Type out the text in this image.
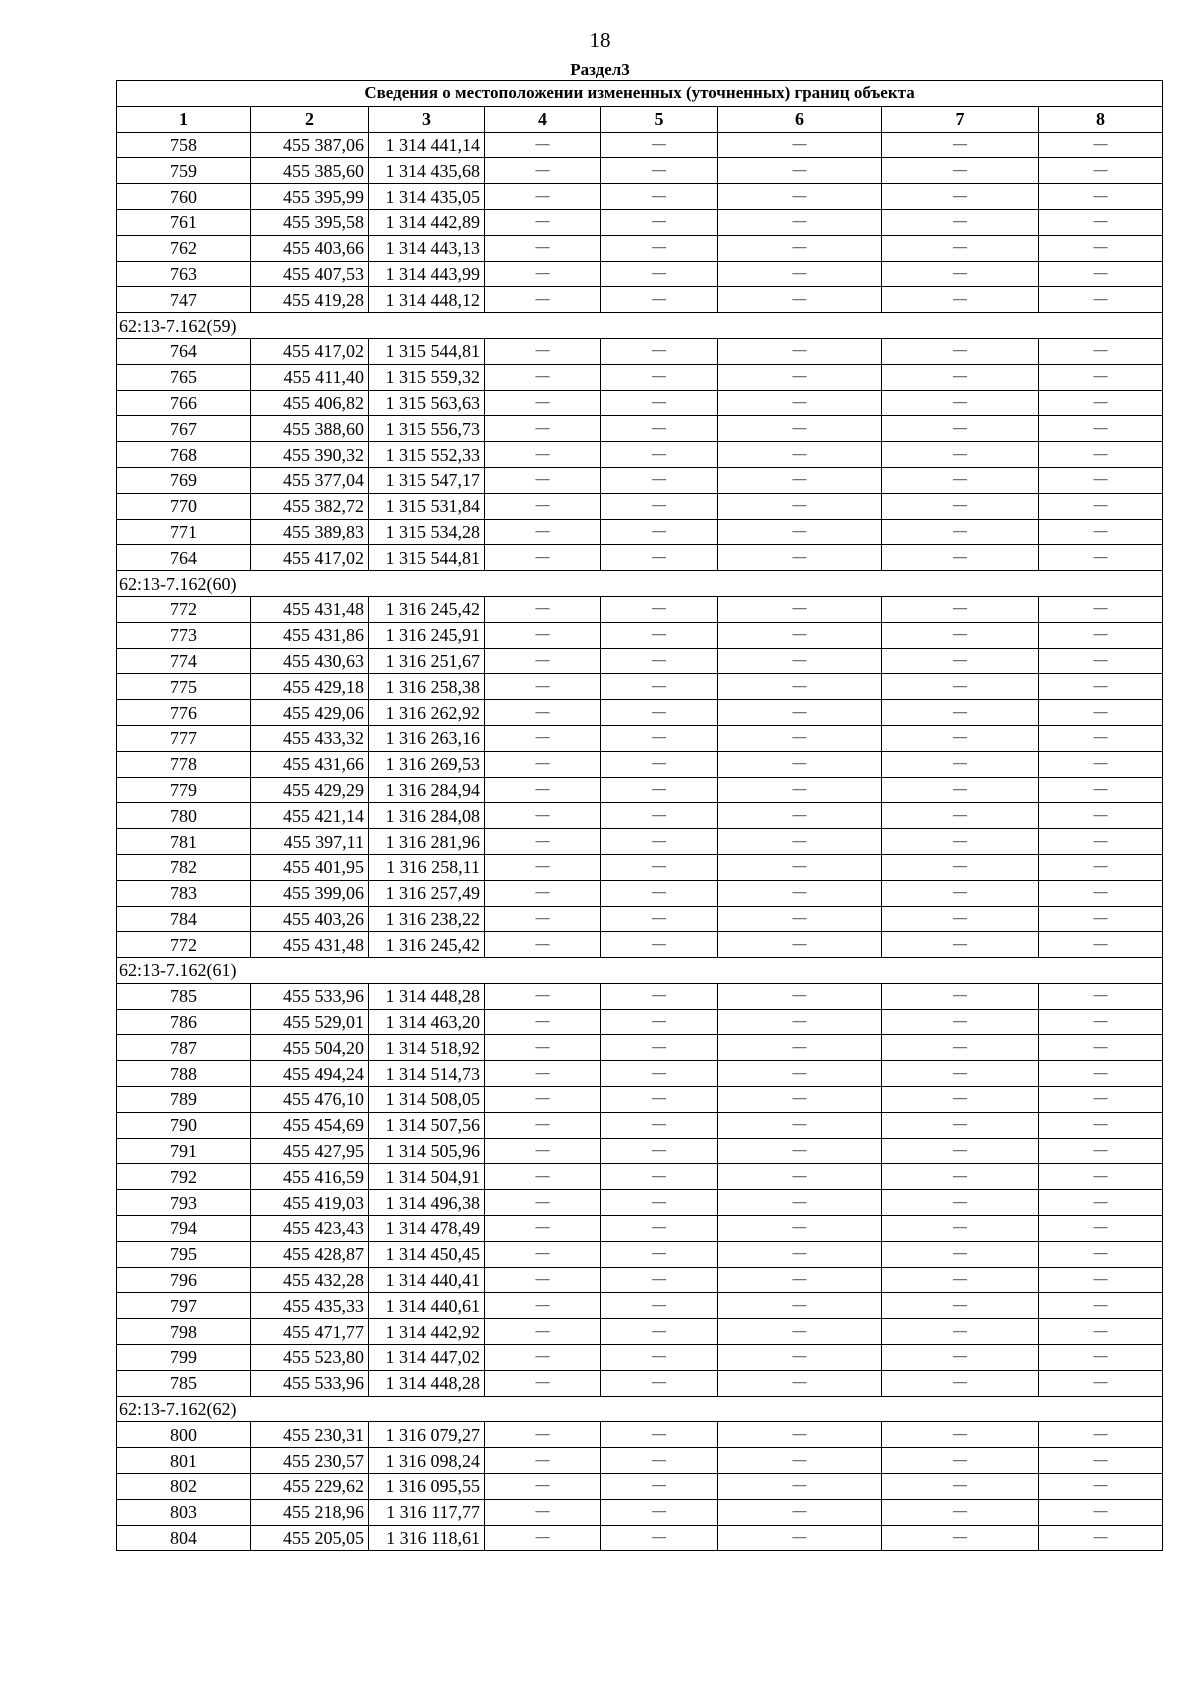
18
Раздел3
Сведения о местоположении измененных (уточненных) границ объекта							
1	2	3	4	5	6	7	8
758	455 387,06	1 314 441,14	—	—	—	—	—
759	455 385,60	1 314 435,68	—	—	—	—	—
760	455 395,99	1 314 435,05	—	—	—	—	—
761	455 395,58	1 314 442,89	—	—	—	—	—
762	455 403,66	1 314 443,13	—	—	—	—	—
763	455 407,53	1 314 443,99	—	—	—	—	—
747	455 419,28	1 314 448,12	—	—	—	—	—
62:13-7.162(59)							
764	455 417,02	1 315 544,81	—	—	—	—	—
765	455 411,40	1 315 559,32	—	—	—	—	—
766	455 406,82	1 315 563,63	—	—	—	—	—
767	455 388,60	1 315 556,73	—	—	—	—	—
768	455 390,32	1 315 552,33	—	—	—	—	—
769	455 377,04	1 315 547,17	—	—	—	—	—
770	455 382,72	1 315 531,84	—	—	—	—	—
771	455 389,83	1 315 534,28	—	—	—	—	—
764	455 417,02	1 315 544,81	—	—	—	—	—
62:13-7.162(60)							
772	455 431,48	1 316 245,42	—	—	—	—	—
773	455 431,86	1 316 245,91	—	—	—	—	—
774	455 430,63	1 316 251,67	—	—	—	—	—
775	455 429,18	1 316 258,38	—	—	—	—	—
776	455 429,06	1 316 262,92	—	—	—	—	—
777	455 433,32	1 316 263,16	—	—	—	—	—
778	455 431,66	1 316 269,53	—	—	—	—	—
779	455 429,29	1 316 284,94	—	—	—	—	—
780	455 421,14	1 316 284,08	—	—	—	—	—
781	455 397,11	1 316 281,96	—	—	—	—	—
782	455 401,95	1 316 258,11	—	—	—	—	—
783	455 399,06	1 316 257,49	—	—	—	—	—
784	455 403,26	1 316 238,22	—	—	—	—	—
772	455 431,48	1 316 245,42	—	—	—	—	—
62:13-7.162(61)							
785	455 533,96	1 314 448,28	—	—	—	—	—
786	455 529,01	1 314 463,20	—	—	—	—	—
787	455 504,20	1 314 518,92	—	—	—	—	—
788	455 494,24	1 314 514,73	—	—	—	—	—
789	455 476,10	1 314 508,05	—	—	—	—	—
790	455 454,69	1 314 507,56	—	—	—	—	—
791	455 427,95	1 314 505,96	—	—	—	—	—
792	455 416,59	1 314 504,91	—	—	—	—	—
793	455 419,03	1 314 496,38	—	—	—	—	—
794	455 423,43	1 314 478,49	—	—	—	—	—
795	455 428,87	1 314 450,45	—	—	—	—	—
796	455 432,28	1 314 440,41	—	—	—	—	—
797	455 435,33	1 314 440,61	—	—	—	—	—
798	455 471,77	1 314 442,92	—	—	—	—	—
799	455 523,80	1 314 447,02	—	—	—	—	—
785	455 533,96	1 314 448,28	—	—	—	—	—
62:13-7.162(62)							
800	455 230,31	1 316 079,27	—	—	—	—	—
801	455 230,57	1 316 098,24	—	—	—	—	—
802	455 229,62	1 316 095,55	—	—	—	—	—
803	455 218,96	1 316 117,77	—	—	—	—	—
804	455 205,05	1 316 118,61	—	—	—	—	—
